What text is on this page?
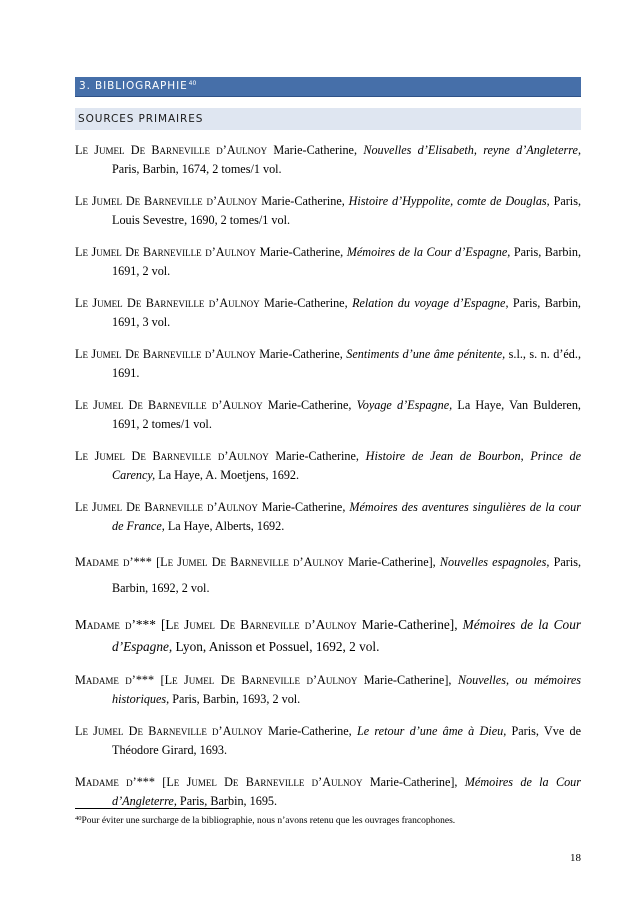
3. BIBLIOGRAPHIE$^{40}$
SOURCES PRIMAIRES

Le Jumel De Barneville d’Aulnoy Marie-Catherine, Nouvelles d’Elisabeth, reyne d’Angleterre, Paris, Barbin, 1674, 2 tomes/1 vol.

Le Jumel De Barneville d’Aulnoy Marie-Catherine, Histoire d’Hyppolite, comte de Douglas, Paris, Louis Sevestre, 1690, 2 tomes/1 vol.

Le Jumel De Barneville d’Aulnoy Marie-Catherine, Mémoires de la Cour d’Espagne, Paris, Barbin, 1691, 2 vol.

Le Jumel De Barneville d’Aulnoy Marie-Catherine, Relation du voyage d’Espagne, Paris, Barbin, 1691, 3 vol.

Le Jumel De Barneville d’Aulnoy Marie-Catherine, Sentiments d’une âme pénitente, s.l., s. n. d’éd., 1691.

Le Jumel De Barneville d’Aulnoy Marie-Catherine, Voyage d’Espagne, La Haye, Van Bulderen, 1691, 2 tomes/1 vol.

Le Jumel De Barneville d’Aulnoy Marie-Catherine, Histoire de Jean de Bourbon, Prince de Carency, La Haye, A. Moetjens, 1692.

Le Jumel De Barneville d’Aulnoy Marie-Catherine, Mémoires des aventures singulières de la cour de France, La Haye, Alberts, 1692.

Madame d’*** [Le Jumel De Barneville d’Aulnoy Marie-Catherine], Nouvelles espagnoles, Paris, Barbin, 1692, 2 vol.

Madame d’*** [Le Jumel De Barneville d’Aulnoy Marie-Catherine], Mémoires de la Cour d’Espagne, Lyon, Anisson et Possuel, 1692, 2 vol.

Madame d’*** [Le Jumel De Barneville d’Aulnoy Marie-Catherine], Nouvelles, ou mémoires historiques, Paris, Barbin, 1693, 2 vol.

Le Jumel De Barneville d’Aulnoy Marie-Catherine, Le retour d’une âme à Dieu, Paris, Vve de Théodore Girard, 1693.

Madame d’*** [Le Jumel De Barneville d’Aulnoy Marie-Catherine], Mémoires de la Cour d’Angleterre, Paris, Barbin, 1695.

$^{40}$Pour éviter une surcharge de la bibliographie, nous n’avons retenu que les ouvrages francophones.
18
